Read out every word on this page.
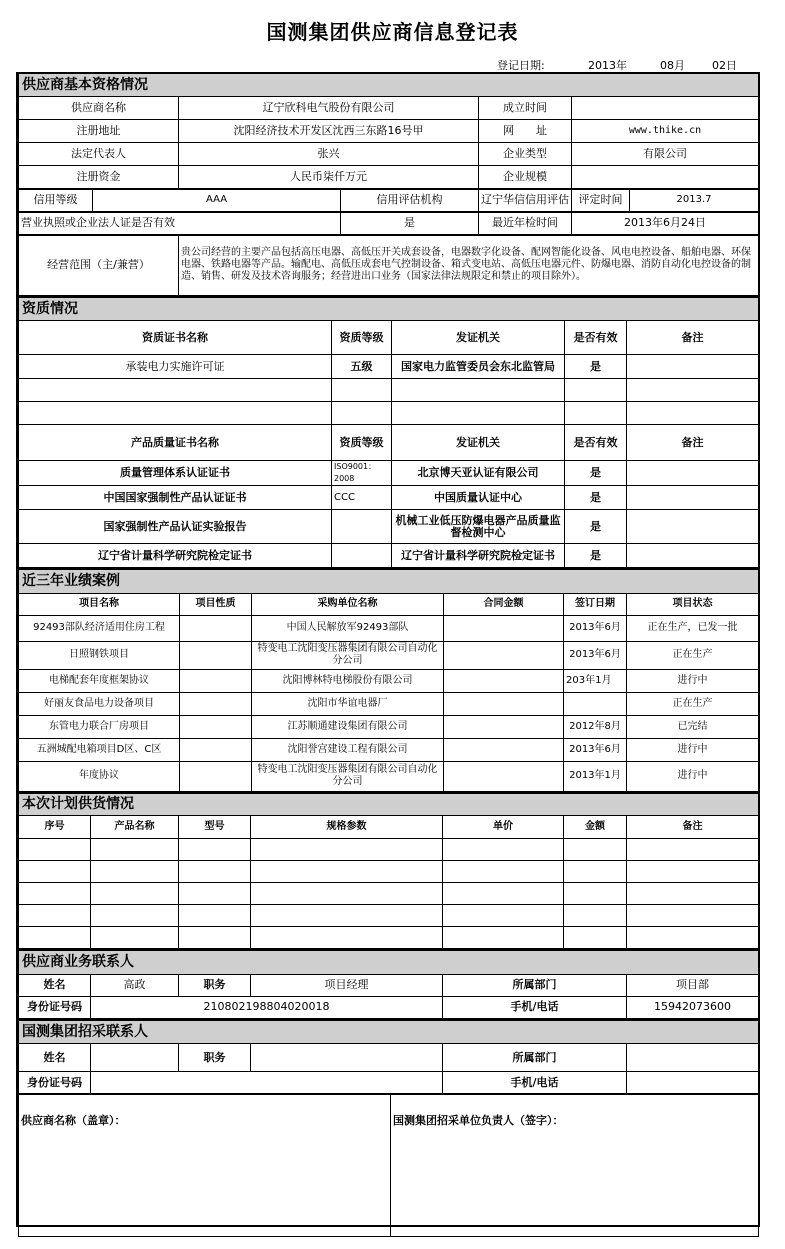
国测集团供应商信息登记表
登记日期:	2013年	08月 02日
供应商基本资格情况			
供应商名称	辽宁欣科电气股份有限公司	成立时间	
注册地址	沈阳经济技术开发区沈西三东路16号甲	网　　址	www.thike.cn
法定代表人	张兴	企业类型	有限公司
注册资金	人民币柒仟万元	企业规模	
信用等级	AAA	信用评估机构	辽宁华信信用评估	评定时间	2013.7
营业执照或企业法人证是否有效	是	最近年检时间	2013年6月24日
经营范围（主/兼营）	贵公司经营的主要产品包括高压电器、高低压开关成套设备，电器数字化设备、配网智能化设备、风电电控设备、船舶电器、环保电器、铁路电器等产品。输配电、高低压成套电气控制设备、箱式变电站、高低压电器元件、防爆电器、消防自动化电控设备的制造、销售、研发及技术咨询服务；经营进出口业务（国家法律法规限定和禁止的项目除外）。
资质情况				
资质证书名称	资质等级	发证机关	是否有效	备注
承装电力实施许可证	五级	国家电力监管委员会东北监管局	是	

产品质量证书名称	资质等级	发证机关	是否有效	备注
质量管理体系认证证书	ISO9001：2008	北京博天亚认证有限公司	是	
中国国家强制性产品认证证书	CCC	中国质量认证中心	是	
国家强制性产品认证实验报告		机械工业低压防爆电器产品质量监督检测中心	是	
辽宁省计量科学研究院检定证书		辽宁省计量科学研究院检定证书	是	
近三年业绩案例					
项目名称	项目性质	采购单位名称	合同金额	签订日期	项目状态
92493部队经济适用住房工程		中国人民解放军92493部队		2013年6月	正在生产，已发一批
日照钢铁项目		特变电工沈阳变压器集团有限公司自动化分公司		2013年6月	正在生产
电梯配套年度框架协议		沈阳博林特电梯股份有限公司		203年1月	进行中
好丽友食品电力设备项目		沈阳市华谊电器厂			正在生产
东管电力联合厂房项目		江苏顺通建设集团有限公司		2012年8月	已完结
五洲城配电箱项目D区、C区		沈阳誉宫建设工程有限公司		2013年6月	进行中
年度协议		特变电工沈阳变压器集团有限公司自动化分公司		2013年1月	进行中
本次计划供货情况						
序号	产品名称	型号	规格参数	单价	金额	备注

供应商业务联系人					
姓名	高政	职务	项目经理	所属部门	项目部
身份证号码	210802198804020018			手机/电话	15942073600
国测集团招采联系人					
姓名		职务		所属部门	
身份证号码				手机/电话	
供应商名称（盖章）：	国测集团招采单位负责人（签字）：
